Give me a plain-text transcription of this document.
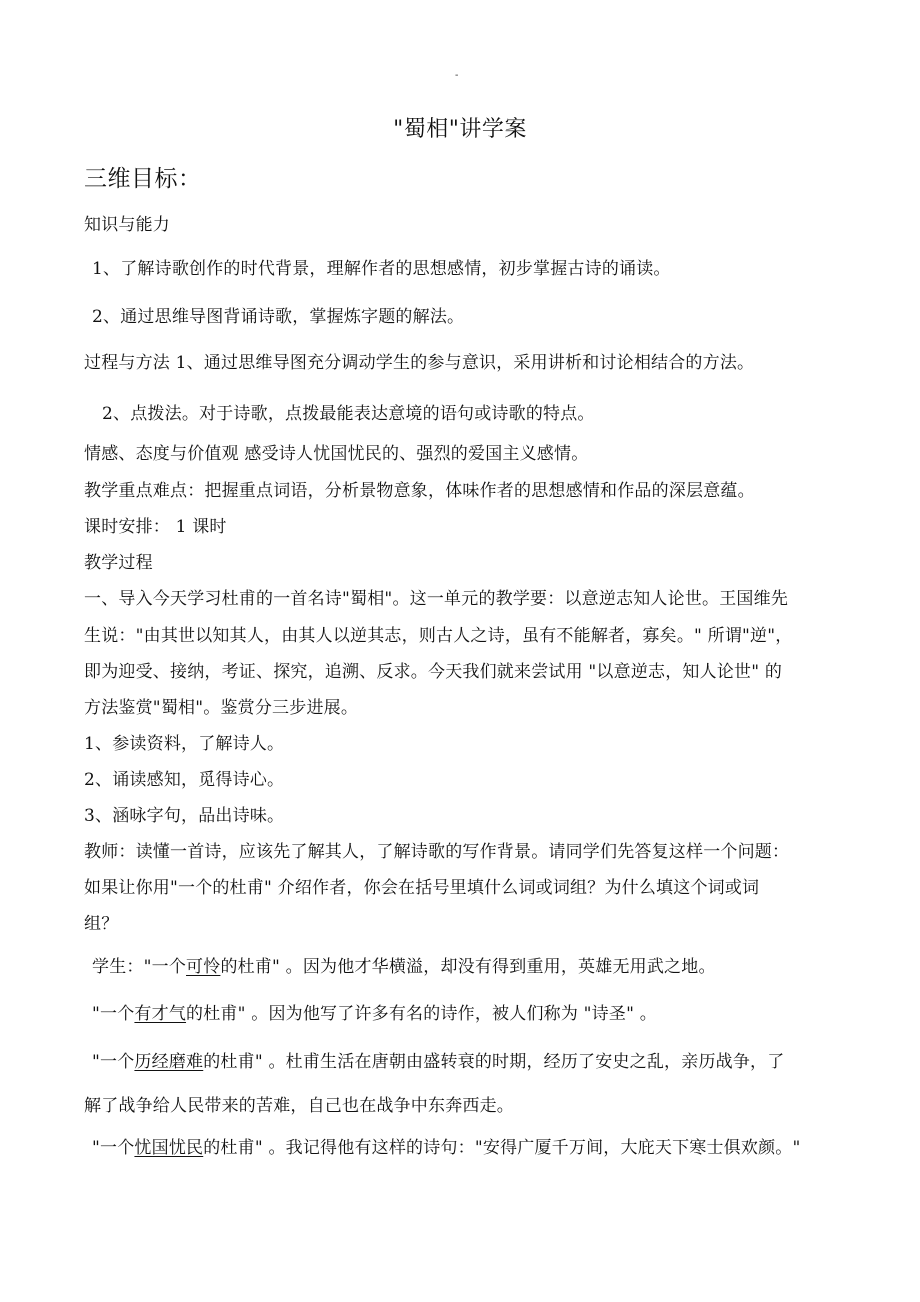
-
"蜀相"讲学案
三维目标：
知识与能力
1、了解诗歌创作的时代背景，理解作者的思想感情，初步掌握古诗的诵读。
2、通过思维导图背诵诗歌，掌握炼字题的解法。
过程与方法 1、通过思维导图充分调动学生的参与意识，采用讲析和讨论相结合的方法。
2、点拨法。对于诗歌，点拨最能表达意境的语句或诗歌的特点。
情感、态度与价值观 感受诗人忧国忧民的、强烈的爱国主义感情。
教学重点难点：把握重点词语，分析景物意象，体味作者的思想感情和作品的深层意蕴。
课时安排： 1 课时
教学过程
一、导入今天学习杜甫的一首名诗"蜀相"。这一单元的教学要：以意逆志知人论世。王国维先
生说："由其世以知其人，由其人以逆其志，则古人之诗，虽有不能解者，寡矣。" 所谓"逆"，
即为迎受、接纳，考证、探究，追溯、反求。今天我们就来尝试用 "以意逆志，知人论世" 的
方法鉴赏"蜀相"。鉴赏分三步进展。
1、参读资料，了解诗人。
2、诵读感知，觅得诗心。
3、涵咏字句，品出诗味。
教师：读懂一首诗，应该先了解其人，了解诗歌的写作背景。请同学们先答复这样一个问题：
如果让你用"一个的杜甫" 介绍作者，你会在括号里填什么词或词组？为什么填这个词或词
组？
学生："一个可怜的杜甫" 。因为他才华横溢，却没有得到重用，英雄无用武之地。
"一个有才气的杜甫" 。因为他写了许多有名的诗作，被人们称为 "诗圣" 。
"一个历经磨难的杜甫" 。杜甫生活在唐朝由盛转衰的时期，经历了安史之乱，亲历战争，了
解了战争给人民带来的苦难，自己也在战争中东奔西走。
"一个忧国忧民的杜甫" 。我记得他有这样的诗句："安得广厦千万间，大庇天下寒士俱欢颜。"
